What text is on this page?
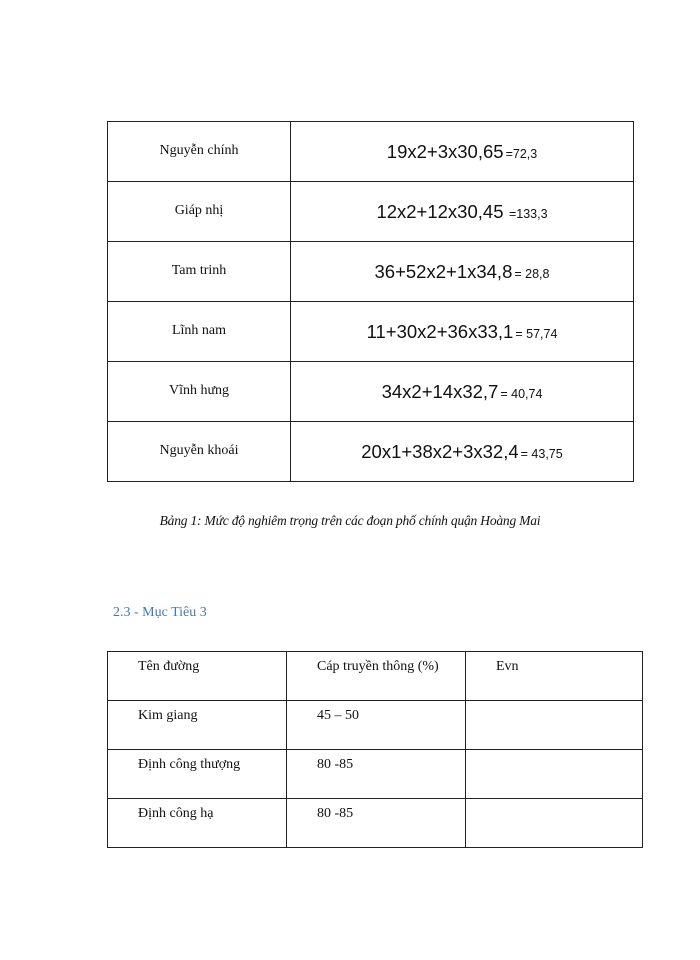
Nguyễn chính	19x2+3x30,65 =72,3
Giáp nhị	12x2+12x30,45 =133,3
Tam trinh	36+52x2+1x34,8 = 28,8
Lĩnh nam	11+30x2+36x33,1 = 57,74
Vĩnh hưng	34x2+14x32,7 = 40,74
Nguyễn khoái	20x1+38x2+3x32,4 = 43,75
Bảng 1: Mức độ nghiêm trọng trên các đoạn phố chính quận Hoàng Mai
2.3 - Mục Tiêu 3
Tên đường	Cáp truyền thông (%)	Evn

Kim giang	45 – 50	

Định công thượng	80 -85	

Định công hạ	80 -85	
